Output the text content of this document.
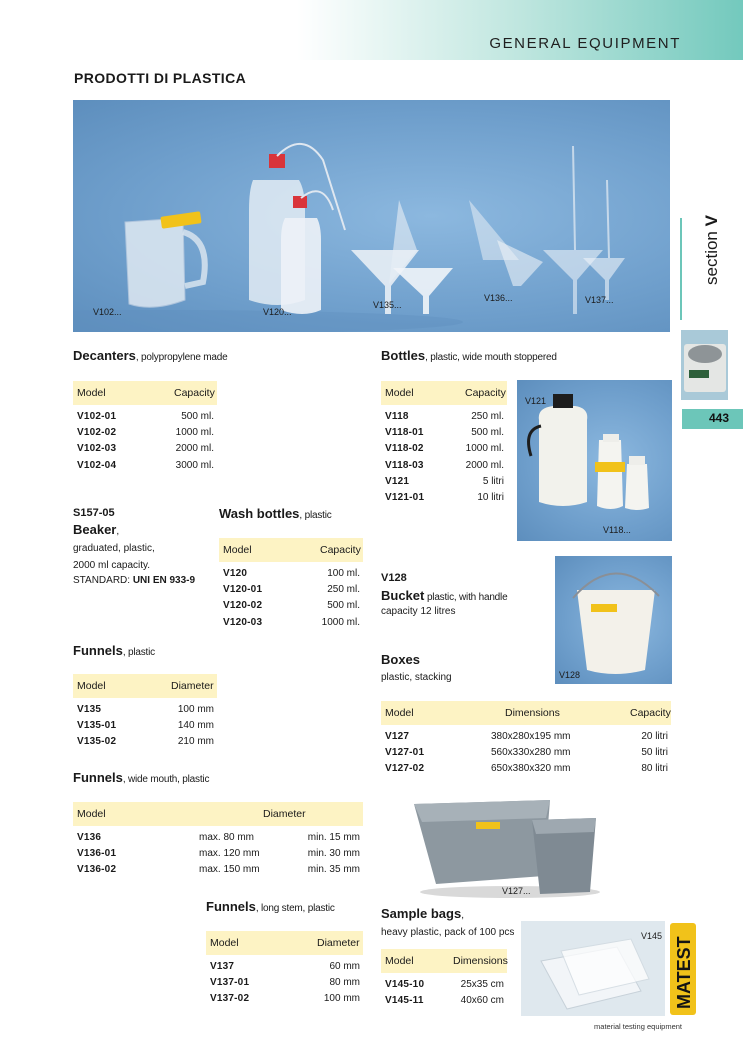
GENERAL EQUIPMENT
PRODOTTI DI PLASTICA
V102...	V120...
V135...
V136...	V137...
section V
443
Decanters, polypropylene made
Model	Capacity
V102-01	500 ml.
V102-02	1000 ml.
V102-03	2000 ml.
V102-04	3000 ml.
S157-05
Beaker,
graduated, plastic,
2000 ml capacity.
STANDARD: UNI EN 933-9
Wash bottles, plastic
Model	Capacity
V120	100 ml.
V120-01	250 ml.
V120-02	500 ml.
V120-03	1000 ml.
Funnels, plastic
Model	Diameter
V135	100 mm
V135-01	140 mm
V135-02	210 mm
Funnels, wide mouth, plastic
Model	Diameter
V136	max. 80 mm	min. 15 mm
V136-01	max. 120 mm	min. 30 mm
V136-02	max. 150 mm	min. 35 mm
Funnels, long stem, plastic
Model	Diameter
V137	60 mm
V137-01	80 mm
V137-02	100 mm
Bottles, plastic, wide mouth stoppered
Model	Capacity
V118	250 ml.
V118-01	500 ml.
V118-02	1000 ml.
V118-03	2000 ml.
V121	5 litri
V121-01	10 litri
V121
V118...
V128
Bucket plastic, with handle
capacity 12 litres
V128
Boxes
plastic, stacking
Model	Dimensions	Capacity
V127	380x280x195 mm	20 litri
V127-01	560x330x280 mm	50 litri
V127-02	650x380x320 mm	80 litri
V127...
Sample bags,
heavy plastic, pack of 100 pcs
Model	Dimensions
V145-10	25x35 cm
V145-11	40x60 cm
V145
MATEST
material testing equipment
